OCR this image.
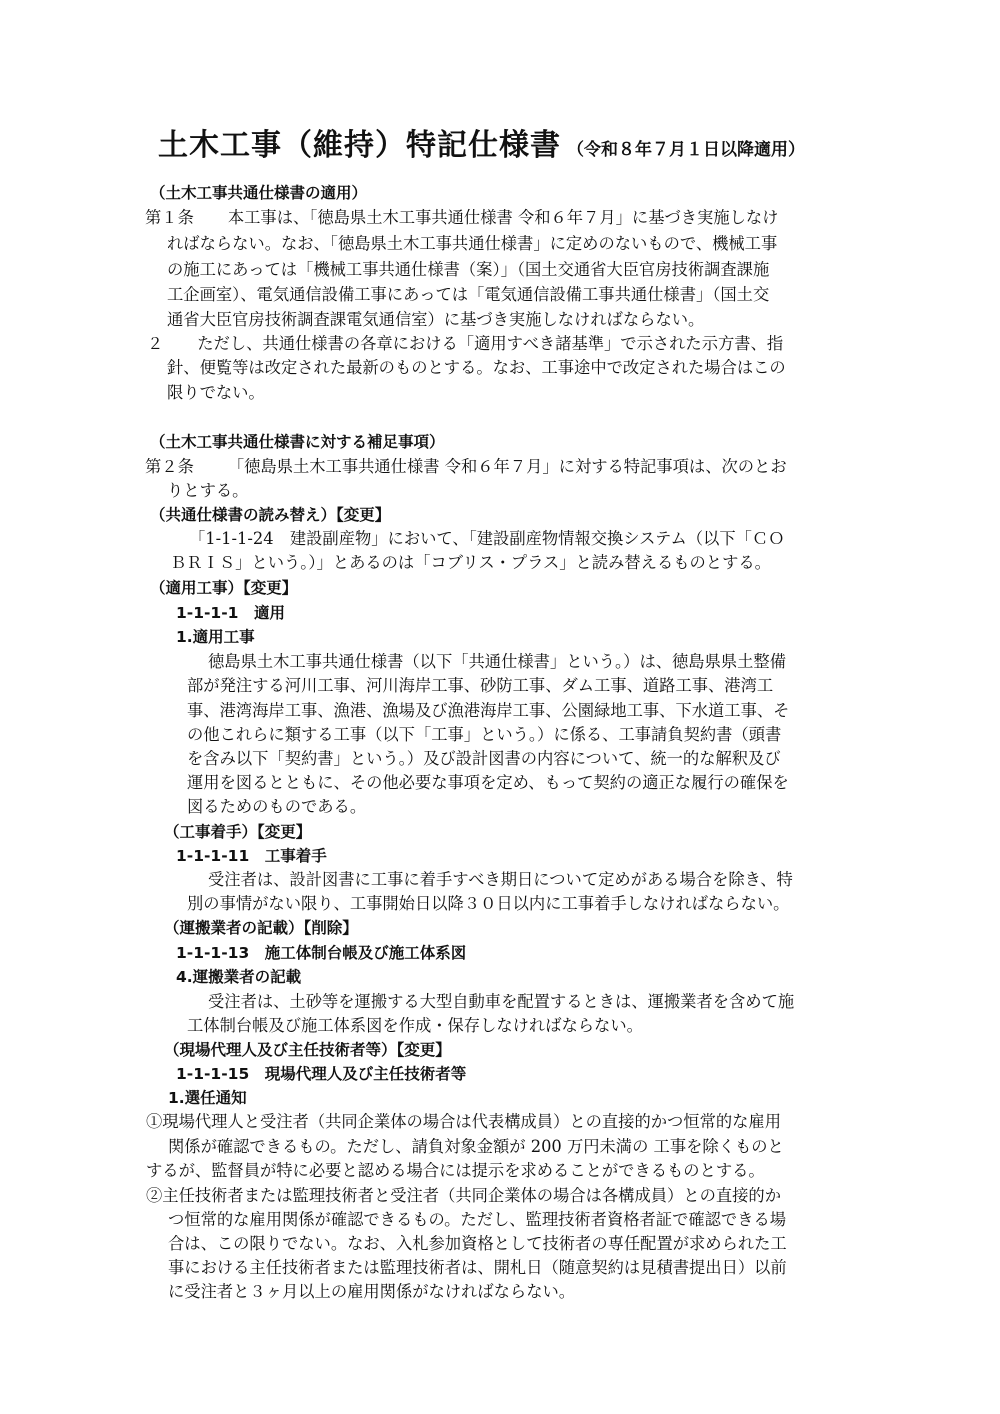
土木工事（維持）特記仕様書 （令和８年７月１日以降適用）
（土木工事共通仕様書の適用）
第１条 本工事は、「徳島県土木工事共通仕様書 令和６年７月」に基づき実施しなけ
ればならない。なお、「徳島県土木工事共通仕様書」に定めのないもので、機械工事
の施工にあっては「機械工事共通仕様書（案）」（国土交通省大臣官房技術調査課施
工企画室）、電気通信設備工事にあっては「電気通信設備工事共通仕様書」（国土交
通省大臣官房技術調査課電気通信室）に基づき実施しなければならない。
２ ただし、共通仕様書の各章における「適用すべき諸基準」で示された示方書、指
針、便覧等は改定された最新のものとする。なお、工事途中で改定された場合はこの
限りでない。
（土木工事共通仕様書に対する補足事項）
第２条 「徳島県土木工事共通仕様書 令和６年７月」に対する特記事項は、次のとお
りとする。
（共通仕様書の読み替え）【変更】
「1-1-1-24　建設副産物」において、「建設副産物情報交換システム（以下「ＣＯ
ＢＲＩＳ」という。）」とあるのは「コブリス・プラス」と読み替えるものとする。
（適用工事）【変更】
1-1-1-1　適用
1.適用工事
徳島県土木工事共通仕様書（以下「共通仕様書」という。）は、徳島県県土整備
部が発注する河川工事、河川海岸工事、砂防工事、ダム工事、道路工事、港湾工
事、港湾海岸工事、漁港、漁場及び漁港海岸工事、公園緑地工事、下水道工事、そ
の他これらに類する工事（以下「工事」という。）に係る、工事請負契約書（頭書
を含み以下「契約書」という。）及び設計図書の内容について、統一的な解釈及び
運用を図るとともに、その他必要な事項を定め、もって契約の適正な履行の確保を
図るためのものである。
（工事着手）【変更】
1-1-1-11　工事着手
受注者は、設計図書に工事に着手すべき期日について定めがある場合を除き、特
別の事情がない限り、工事開始日以降３０日以内に工事着手しなければならない。
（運搬業者の記載）【削除】
1-1-1-13　施工体制台帳及び施工体系図
4.運搬業者の記載
受注者は、土砂等を運搬する大型自動車を配置するときは、運搬業者を含めて施
工体制台帳及び施工体系図を作成・保存しなければならない。
（現場代理人及び主任技術者等）【変更】
1-1-1-15　現場代理人及び主任技術者等
1.選任通知
①現場代理人と受注者（共同企業体の場合は代表構成員）との直接的かつ恒常的な雇用
関係が確認できるもの。ただし、請負対象金額が 200 万円未満の 工事を除くものと
するが、監督員が特に必要と認める場合には提示を求めることができるものとする。
②主任技術者または監理技術者と受注者（共同企業体の場合は各構成員）との直接的か
つ恒常的な雇用関係が確認できるもの。ただし、監理技術者資格者証で確認できる場
合は、この限りでない。なお、入札参加資格として技術者の専任配置が求められた工
事における主任技術者または監理技術者は、開札日（随意契約は見積書提出日）以前
に受注者と３ヶ月以上の雇用関係がなければならない。
